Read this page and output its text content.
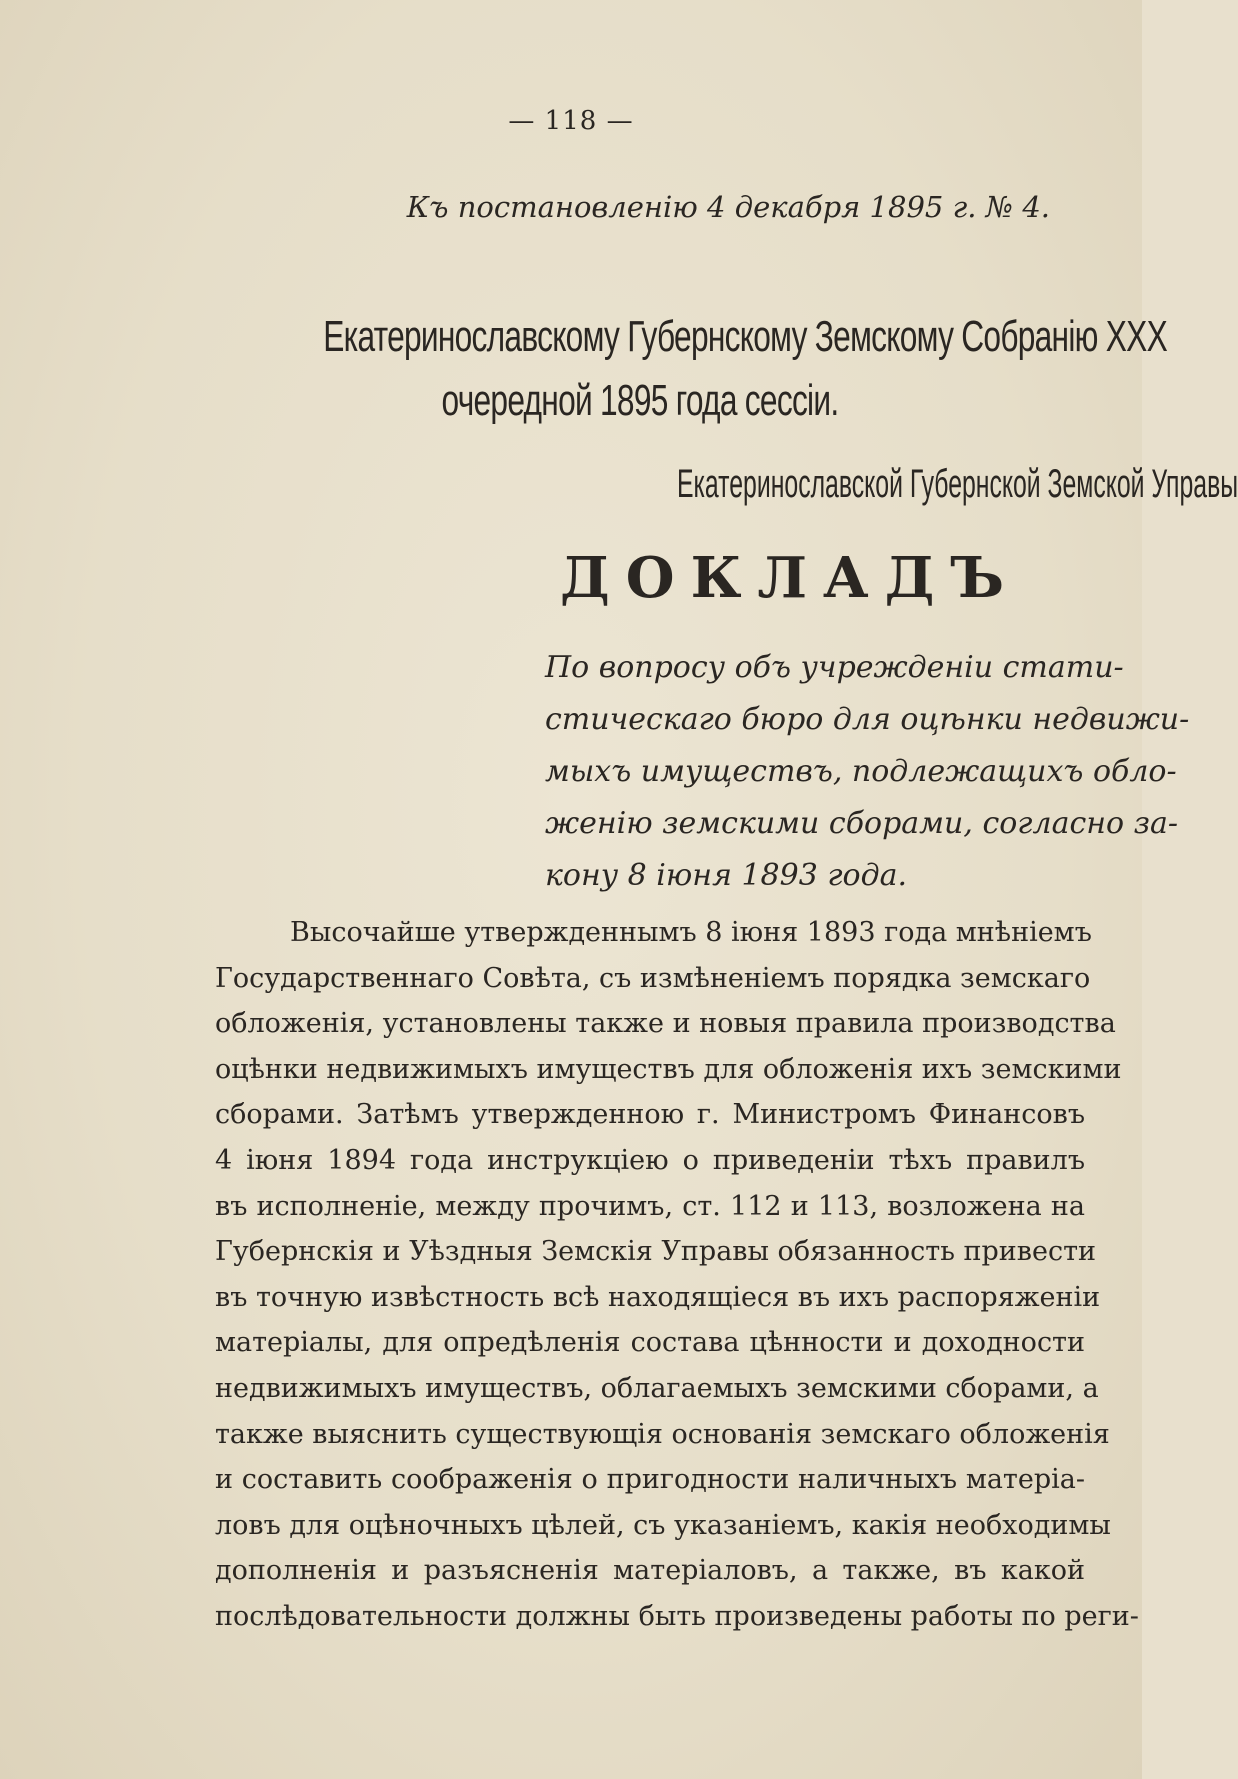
— 118 —
Къ постановленію 4 декабря 1895 г. № 4.
Екатеринославскому Губернскому Земскому Собранію XXX
очередной 1895 года сессіи.
Екатеринославской Губернской Земской Управы
ДОКЛАДЪ
По вопросу объ учрежденіи стати-
стическаго бюро для оцѣнки недвижи-
мыхъ имуществъ, подлежащихъ обло-
женію земскими сборами, согласно за-
кону 8 іюня 1893 года.
Высочайше утвержденнымъ 8 іюня 1893 года мнѣніемъ
Государственнаго Совѣта, съ измѣненіемъ порядка земскаго
обложенія, установлены также и новыя правила производства
оцѣнки недвижимыхъ имуществъ для обложенія ихъ земскими
сборами. Затѣмъ утвержденною г. Министромъ Финансовъ
4 іюня 1894 года инструкціею о приведеніи тѣхъ правилъ
въ исполненіе, между прочимъ, ст. 112 и 113, возложена на
Губернскія и Уѣздныя Земскія Управы обязанность привести
въ точную извѣстность всѣ находящіеся въ ихъ распоряженіи
матеріалы, для опредѣленія состава цѣнности и доходности
недвижимыхъ имуществъ, облагаемыхъ земскими сборами, а
также выяснить существующія основанія земскаго обложенія
и составить соображенія о пригодности наличныхъ матеріа-
ловъ для оцѣночныхъ цѣлей, съ указаніемъ, какія необходимы
дополненія и разъясненія матеріаловъ, а также, въ какой
послѣдовательности должны быть произведены работы по реги-
